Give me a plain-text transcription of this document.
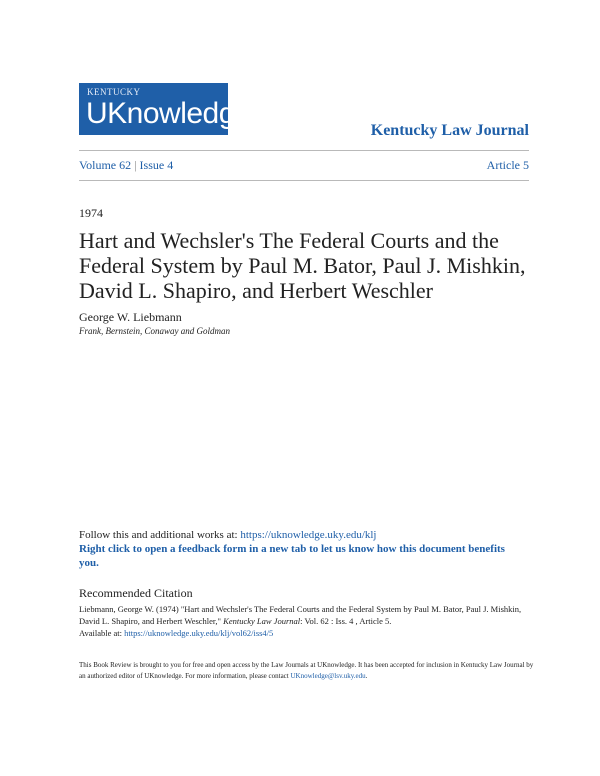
KENTUCKY
UKnowledge
Kentucky Law Journal
Volume 62 | Issue 4	Article 5
1974
Hart and Wechsler's The Federal Courts and the Federal System by Paul M. Bator, Paul J. Mishkin, David L. Shapiro, and Herbert Weschler
George W. Liebmann
Frank, Bernstein, Conaway and Goldman
Follow this and additional works at: https://uknowledge.uky.edu/klj
Right click to open a feedback form in a new tab to let us know how this document benefits you.
Recommended Citation
Liebmann, George W. (1974) "Hart and Wechsler's The Federal Courts and the Federal System by Paul M. Bator, Paul J. Mishkin, David L. Shapiro, and Herbert Weschler," Kentucky Law Journal: Vol. 62 : Iss. 4 , Article 5.
Available at: https://uknowledge.uky.edu/klj/vol62/iss4/5
This Book Review is brought to you for free and open access by the Law Journals at UKnowledge. It has been accepted for inclusion in Kentucky Law Journal by an authorized editor of UKnowledge. For more information, please contact UKnowledge@lsv.uky.edu.
